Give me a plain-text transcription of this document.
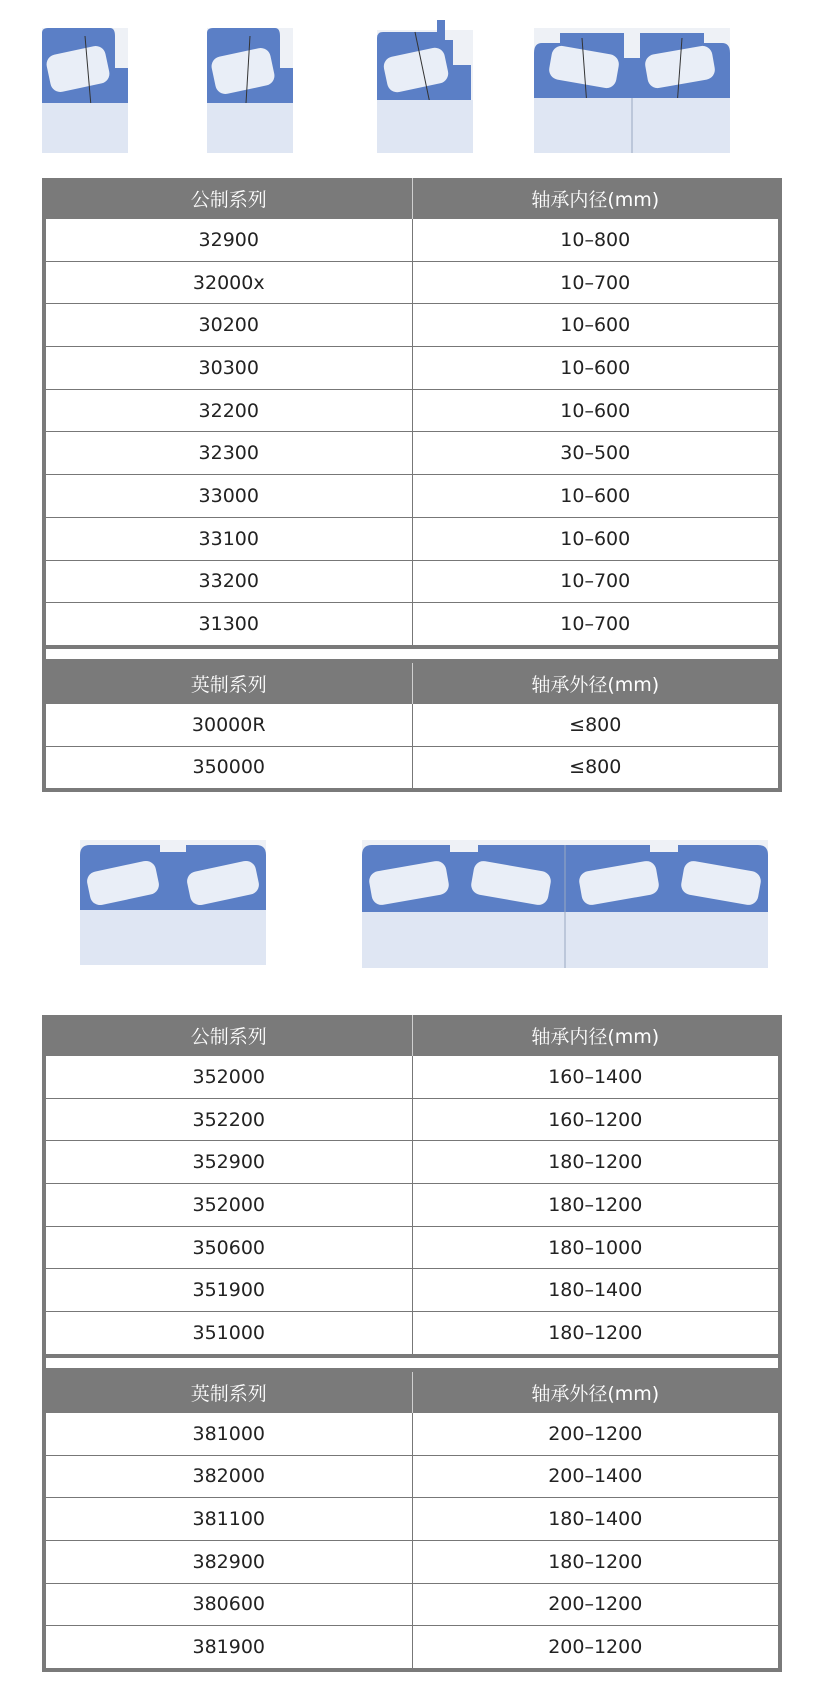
公制系列	轴承内径(mm)
32900	10–800
32000x	10–700
30200	10–600
30300	10–600
32200	10–600
32300	30–500
33000	10–600
33100	10–600
33200	10–700
31300	10–700
英制系列	轴承外径(mm)
30000R	≤800
350000	≤800
公制系列	轴承内径(mm)
352000	160–1400
352200	160–1200
352900	180–1200
352000	180–1200
350600	180–1000
351900	180–1400
351000	180–1200
英制系列	轴承外径(mm)
381000	200–1200
382000	200–1400
381100	180–1400
382900	180–1200
380600	200–1200
381900	200–1200
